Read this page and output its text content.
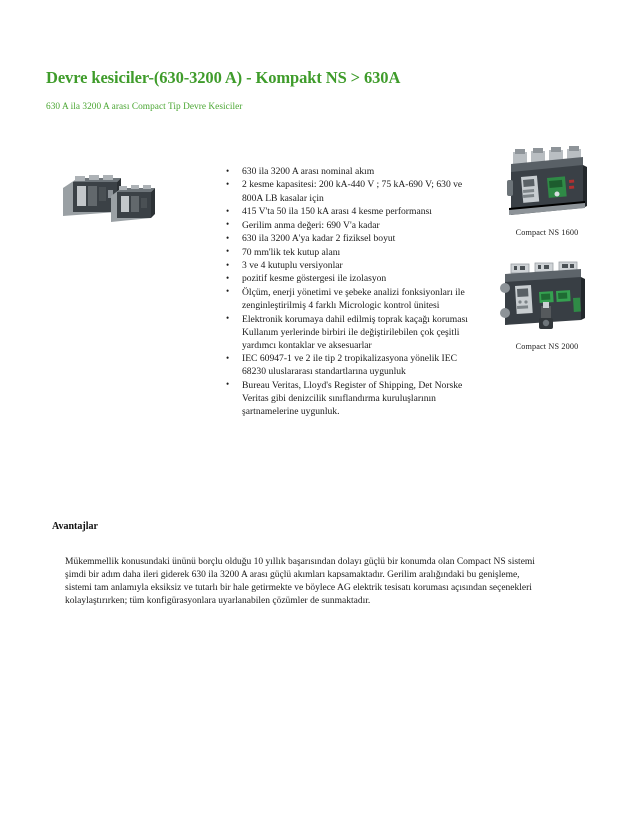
Devre kesiciler-(630-3200 A) - Kompakt NS > 630A
630 A ila 3200 A arası Compact Tip Devre Kesiciler
• 630 ila 3200 A arası nominal akım
• 2 kesme kapasitesi: 200 kA-440 V ; 75 kA-690 V; 630 ve 800A LB kasalar için
• 415 V'ta 50 ila 150 kA arası 4 kesme performansı
• Gerilim anma değeri: 690 V'a kadar
• 630 ila 3200 A'ya kadar 2 fiziksel boyut
• 70 mm'lik tek kutup alanı
• 3 ve 4 kutuplu versiyonlar
• pozitif kesme göstergesi ile izolasyon
• Ölçüm, enerji yönetimi ve şebeke analizi fonksiyonları ile zenginleştirilmiş 4 farklı Micrologic kontrol ünitesi
• Elektronik korumaya dahil edilmiş toprak kaçağı koruması Kullanım yerlerinde birbiri ile değiştirilebilen çok çeşitli yardımcı kontaklar ve aksesuarlar
• IEC 60947-1 ve 2 ile tip 2 tropikalizasyona yönelik IEC 68230 uluslararası standartlarına uygunluk
• Bureau Veritas, Lloyd's Register of Shipping, Det Norske Veritas gibi denizcilik sınıflandırma kuruluşlarının şartnamelerine uygunluk.
Compact NS 1600
Compact NS 2000
Avantajlar

Mükemmellik konusundaki ününü borçlu olduğu 10 yıllık başarısından dolayı güçlü bir konumda olan Compact NS sistemi şimdi bir adım daha ileri giderek 630 ila 3200 A arası güçlü akımları kapsamaktadır. Gerilim aralığındaki bu genişleme, sistemi tam anlamıyla eksiksiz ve tutarlı bir hale getirmekte ve böylece AG elektrik tesisatı koruması açısından seçenekleri kolaylaştırırken; tüm konfigürasyonlara uyarlanabilen çözümler de sunmaktadır.
